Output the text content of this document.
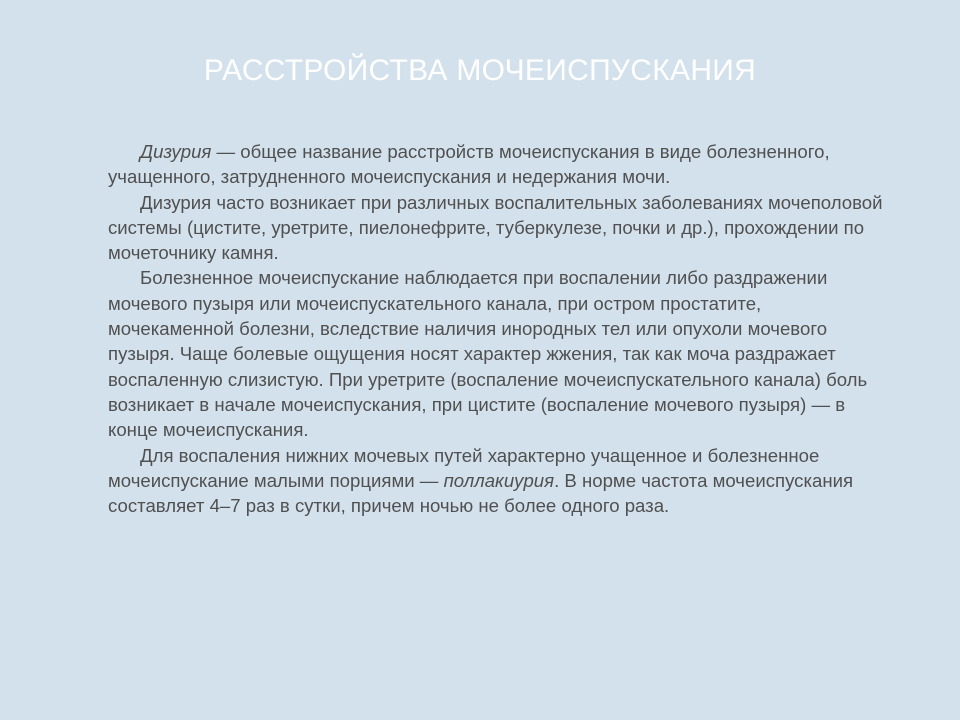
РАССТРОЙСТВА МОЧЕИСПУСКАНИЯ

Дизурия — общее название расстройств мочеиспускания в виде болезненного, учащенного, затрудненного мочеиспускания и недержания мочи.

Дизурия часто возникает при различных воспалительных заболеваниях мочеполовой системы (цистите, уретрите, пиелонефрите, туберкулезе, почки и др.), прохождении по мочеточнику камня.

Болезненное мочеиспускание наблюдается при воспалении либо раздражении мочевого пузыря или мочеиспускательного канала, при остром простатите, мочекаменной болезни, вследствие наличия инородных тел или опухоли мочевого пузыря. Чаще болевые ощущения носят характер жжения, так как моча раздражает воспаленную слизистую. При уретрите (воспаление мочеиспускательного канала) боль возникает в начале мочеиспускания, при цистите (воспаление мочевого пузыря) — в конце мочеиспускания.

Для воспаления нижних мочевых путей характерно учащенное и болезненное мочеиспускание малыми порциями — поллакиурия. В норме частота мочеиспускания составляет 4–7 раз в сутки, причем ночью не более одного раза.
